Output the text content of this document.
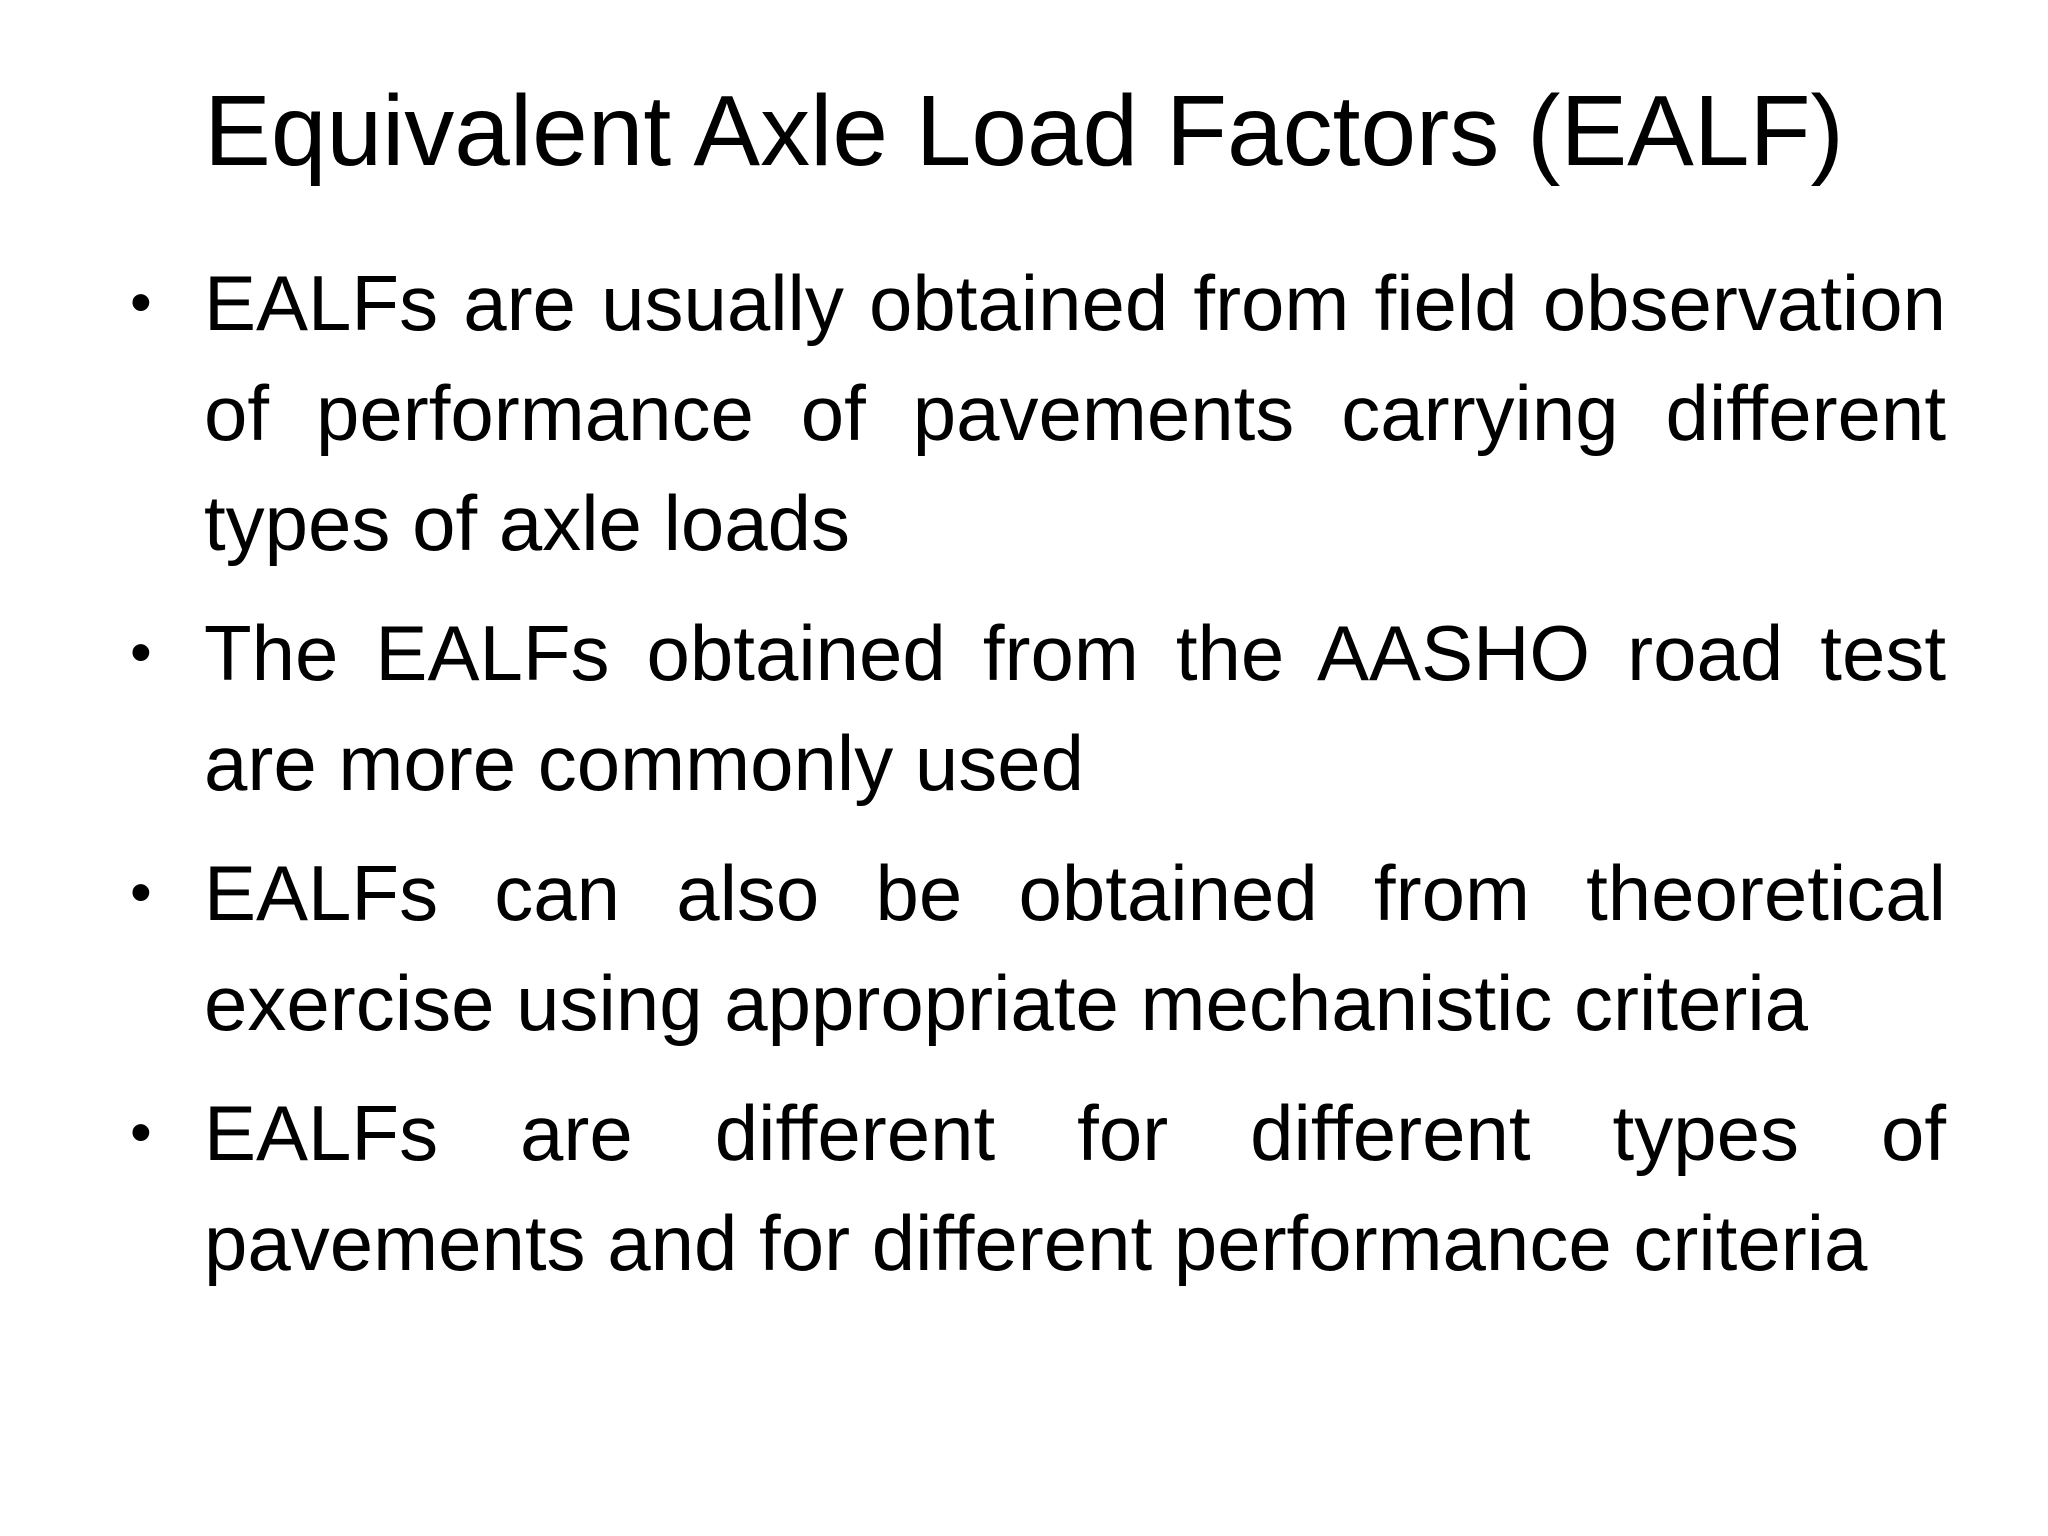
Equivalent Axle Load Factors (EALF)
• EALFs are usually obtained from field observation of performance of pavements carrying different types of axle loads
• The EALFs obtained from the AASHO road test are more commonly used
• EALFs can also be obtained from theoretical exercise using appropriate mechanistic criteria
• EALFs are different for different types of pavements and for different performance criteria
